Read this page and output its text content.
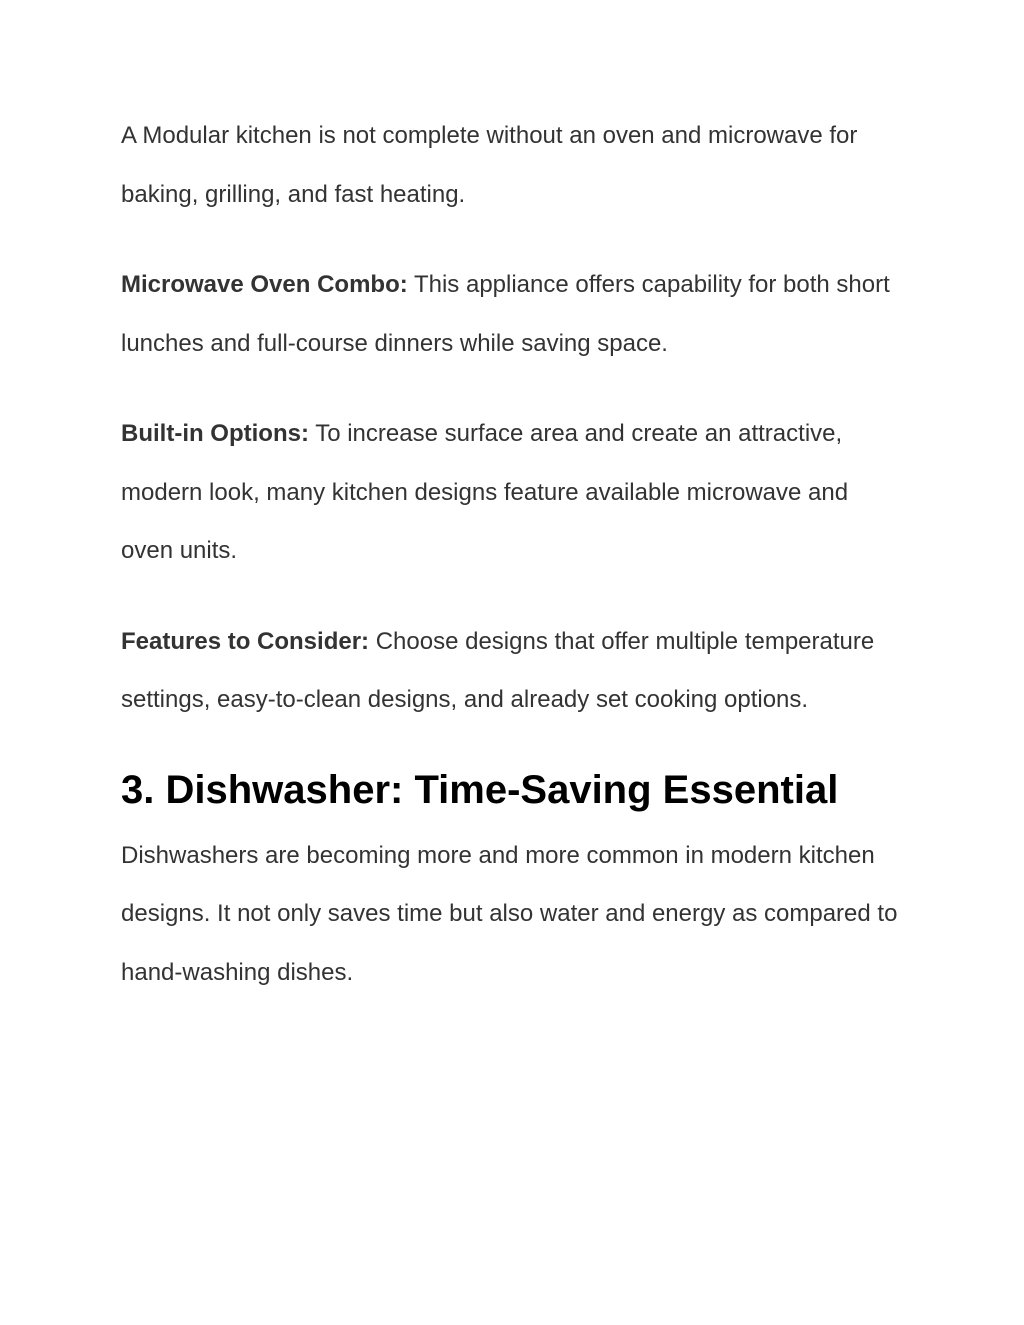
A Modular kitchen is not complete without an oven and microwave for baking, grilling, and fast heating.

Microwave Oven Combo: This appliance offers capability for both short lunches and full-course dinners while saving space.

Built-in Options: To increase surface area and create an attractive, modern look, many kitchen designs feature available microwave and oven units.

Features to Consider: Choose designs that offer multiple temperature settings, easy-to-clean designs, and already set cooking options.

3. Dishwasher: Time-Saving Essential

Dishwashers are becoming more and more common in modern kitchen designs. It not only saves time but also water and energy as compared to hand-washing dishes.
